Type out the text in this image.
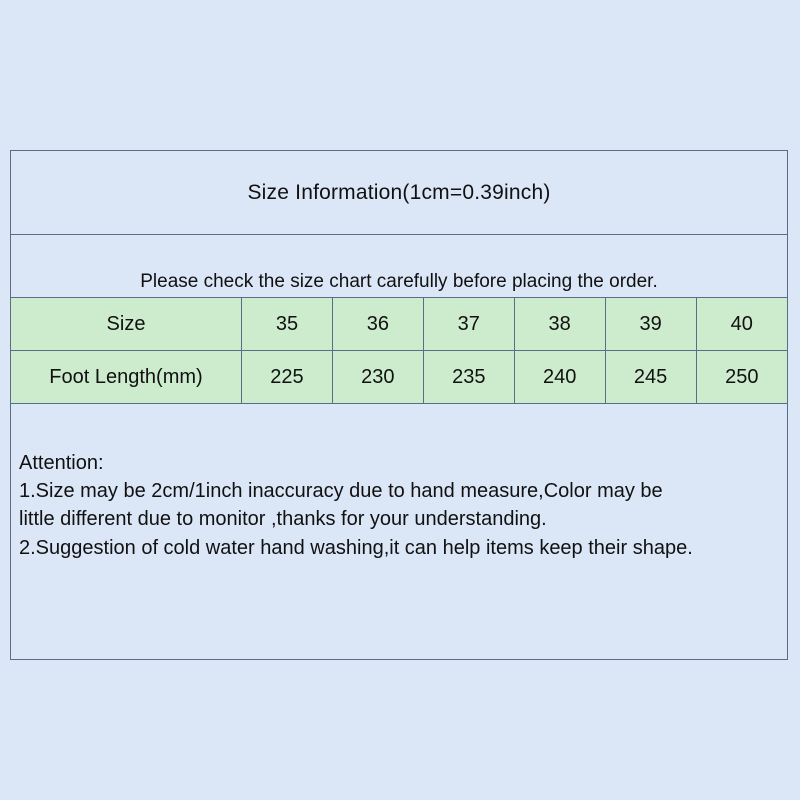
Size Information(1cm=0.39inch)
Please check the size chart carefully before placing the order.
Size	35	36	37	38	39	40
Foot Length(mm)	225	230	235	240	245	250
Attention:
1.Size may be 2cm/1inch inaccuracy due to hand measure,Color may be
little different due to monitor ,thanks for your understanding.
2.Suggestion of cold water hand washing,it can help items keep their shape.
